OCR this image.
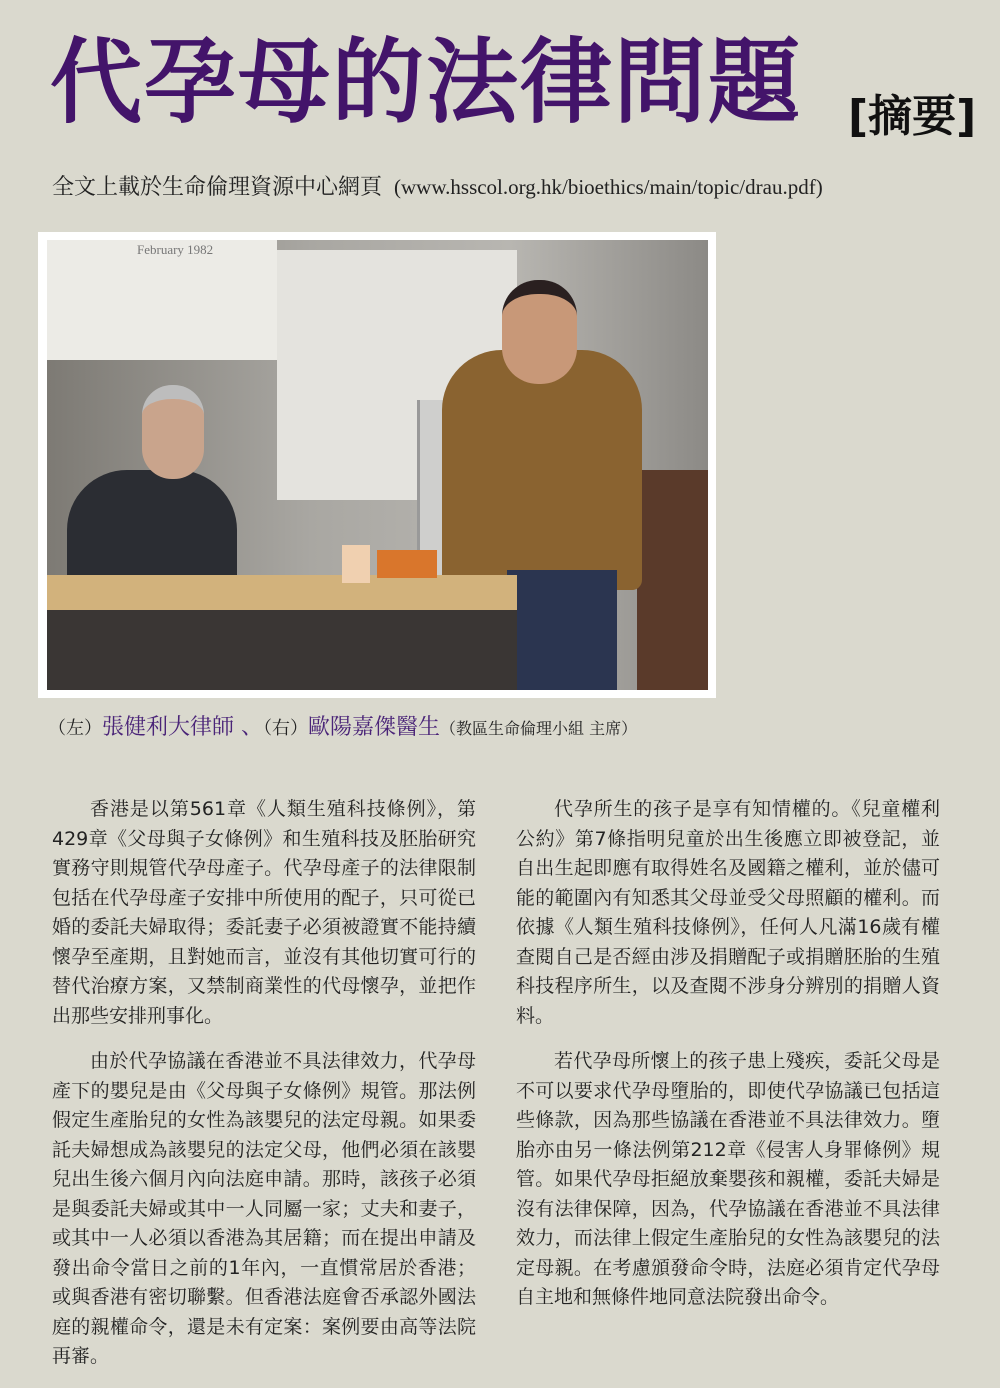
代孕母的法律問題 [摘要]
全文上載於生命倫理資源中心網頁 (www.hsscol.org.hk/bioethics/main/topic/drau.pdf)
February 1982
（左）張健利大律師 、（右）歐陽嘉傑醫生（教區生命倫理小組 主席）

香港是以第561章《人類生殖科技條例》，第429章《父母與子女條例》和生殖科技及胚胎研究實務守則規管代孕母產子。代孕母產子的法律限制包括在代孕母產子安排中所使用的配子，只可從已婚的委託夫婦取得；委託妻子必須被證實不能持續懷孕至產期，且對她而言，並沒有其他切實可行的替代治療方案，又禁制商業性的代母懷孕，並把作出那些安排刑事化。

由於代孕協議在香港並不具法律效力，代孕母產下的嬰兒是由《父母與子女條例》規管。那法例假定生產胎兒的女性為該嬰兒的法定母親。如果委託夫婦想成為該嬰兒的法定父母，他們必須在該嬰兒出生後六個月內向法庭申請。那時，該孩子必須是與委託夫婦或其中一人同屬一家；丈夫和妻子，或其中一人必須以香港為其居籍；而在提出申請及發出命令當日之前的1年內，一直慣常居於香港；或與香港有密切聯繫。但香港法庭會否承認外國法庭的親權命令，還是未有定案：案例要由高等法院再審。

代孕所生的孩子是享有知情權的。《兒童權利公約》第7條指明兒童於出生後應立即被登記，並自出生起即應有取得姓名及國籍之權利，並於儘可能的範圍內有知悉其父母並受父母照顧的權利。而依據《人類生殖科技條例》，任何人凡滿16歲有權查閱自己是否經由涉及捐贈配子或捐贈胚胎的生殖科技程序所生，以及查閱不涉身分辨別的捐贈人資料。

若代孕母所懷上的孩子患上殘疾，委託父母是不可以要求代孕母墮胎的，即使代孕協議已包括這些條款，因為那些協議在香港並不具法律效力。墮胎亦由另一條法例第212章《侵害人身罪條例》規管。如果代孕母拒絕放棄嬰孩和親權，委託夫婦是沒有法律保障，因為，代孕協議在香港並不具法律效力，而法律上假定生產胎兒的女性為該嬰兒的法定母親。在考慮頒發命令時，法庭必須肯定代孕母自主地和無條件地同意法院發出命令。
